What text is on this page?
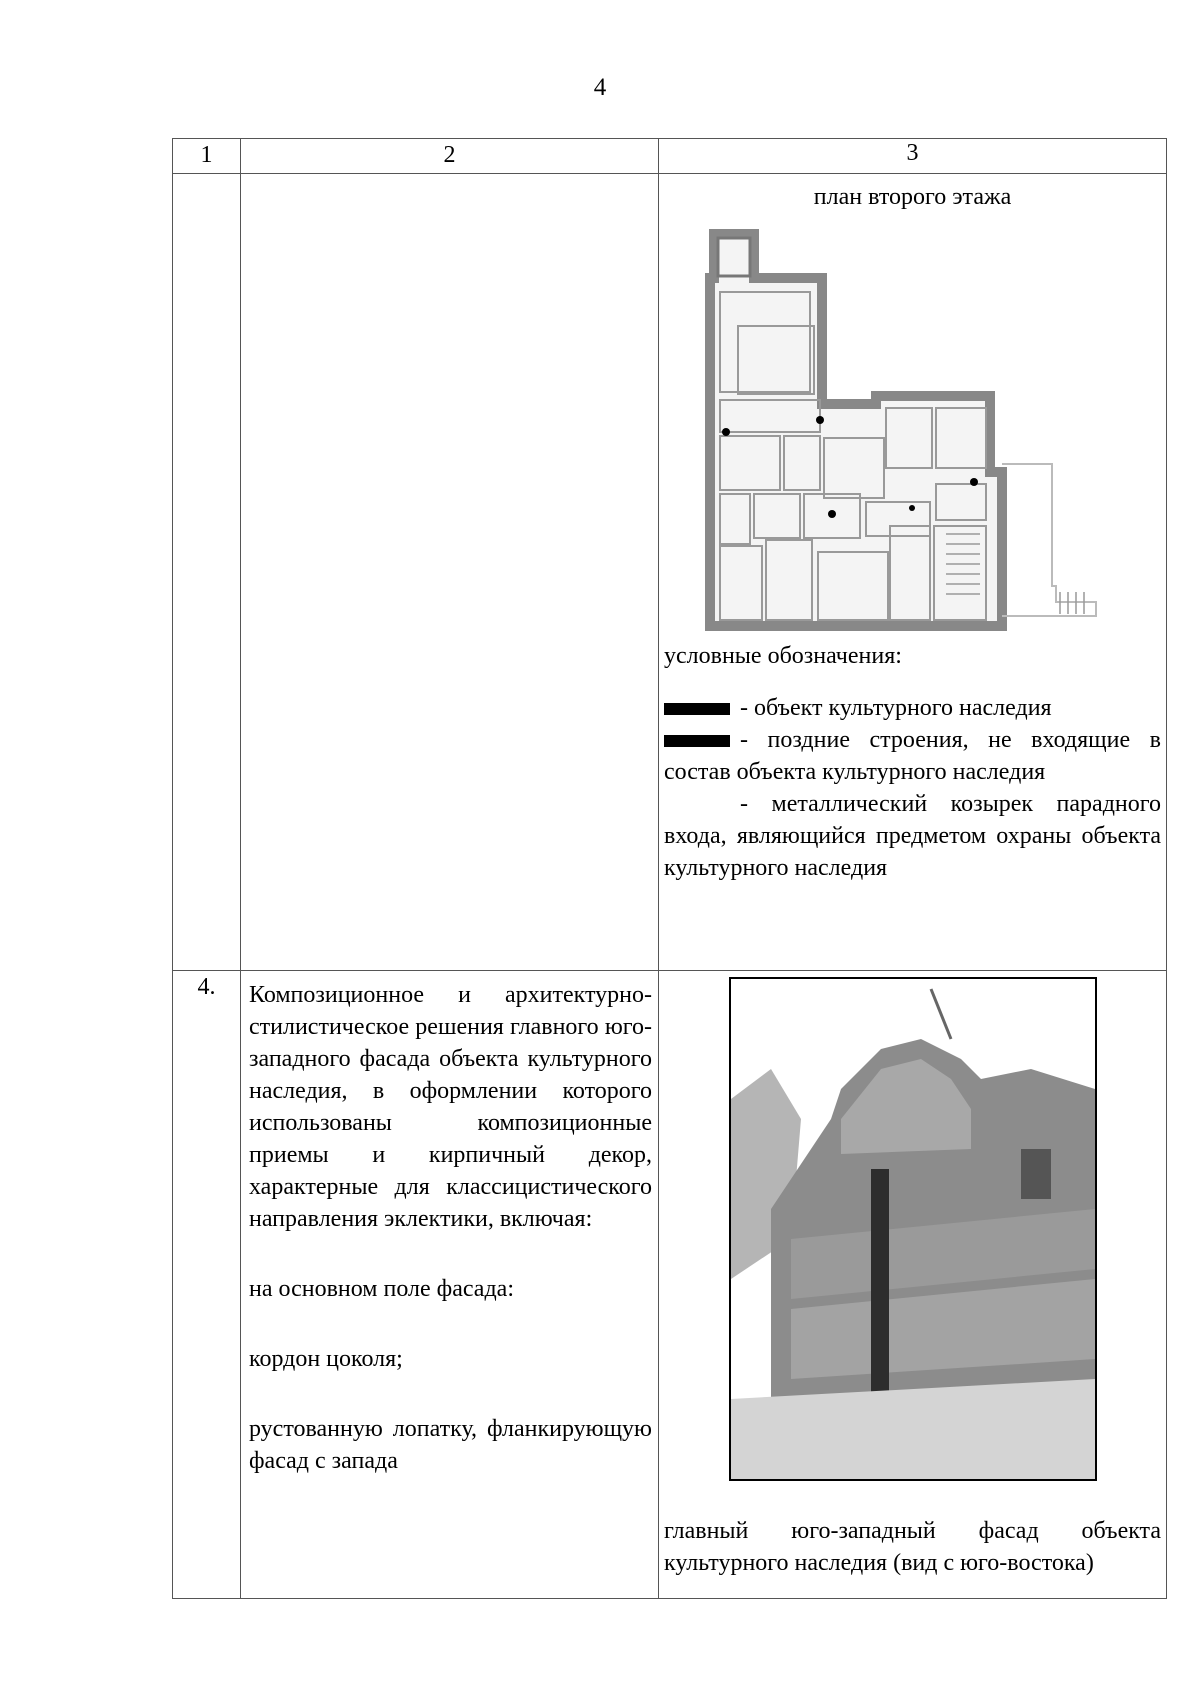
4
1	2	3

		план второго этажа
условные обозначения:
- объект культурного наследия
- поздние строения, не входящие в состав объекта культурного наследия
- металлический козырек парадного входа, являющийся предметом охраны объекта культурного наследия

4.	Композиционное и архитектурно-стилистическое решения главного юго-западного фасада объекта культурного наследия, в оформлении которого использованы композиционные приемы и кирпичный декор, характерные для классицистического направления эклектики, включая:
на основном поле фасада:
кордон цоколя;
рустованную лопатку, фланкирующую фасад с запада	главный юго-западный фасад объекта культурного наследия (вид с юго-востока)
